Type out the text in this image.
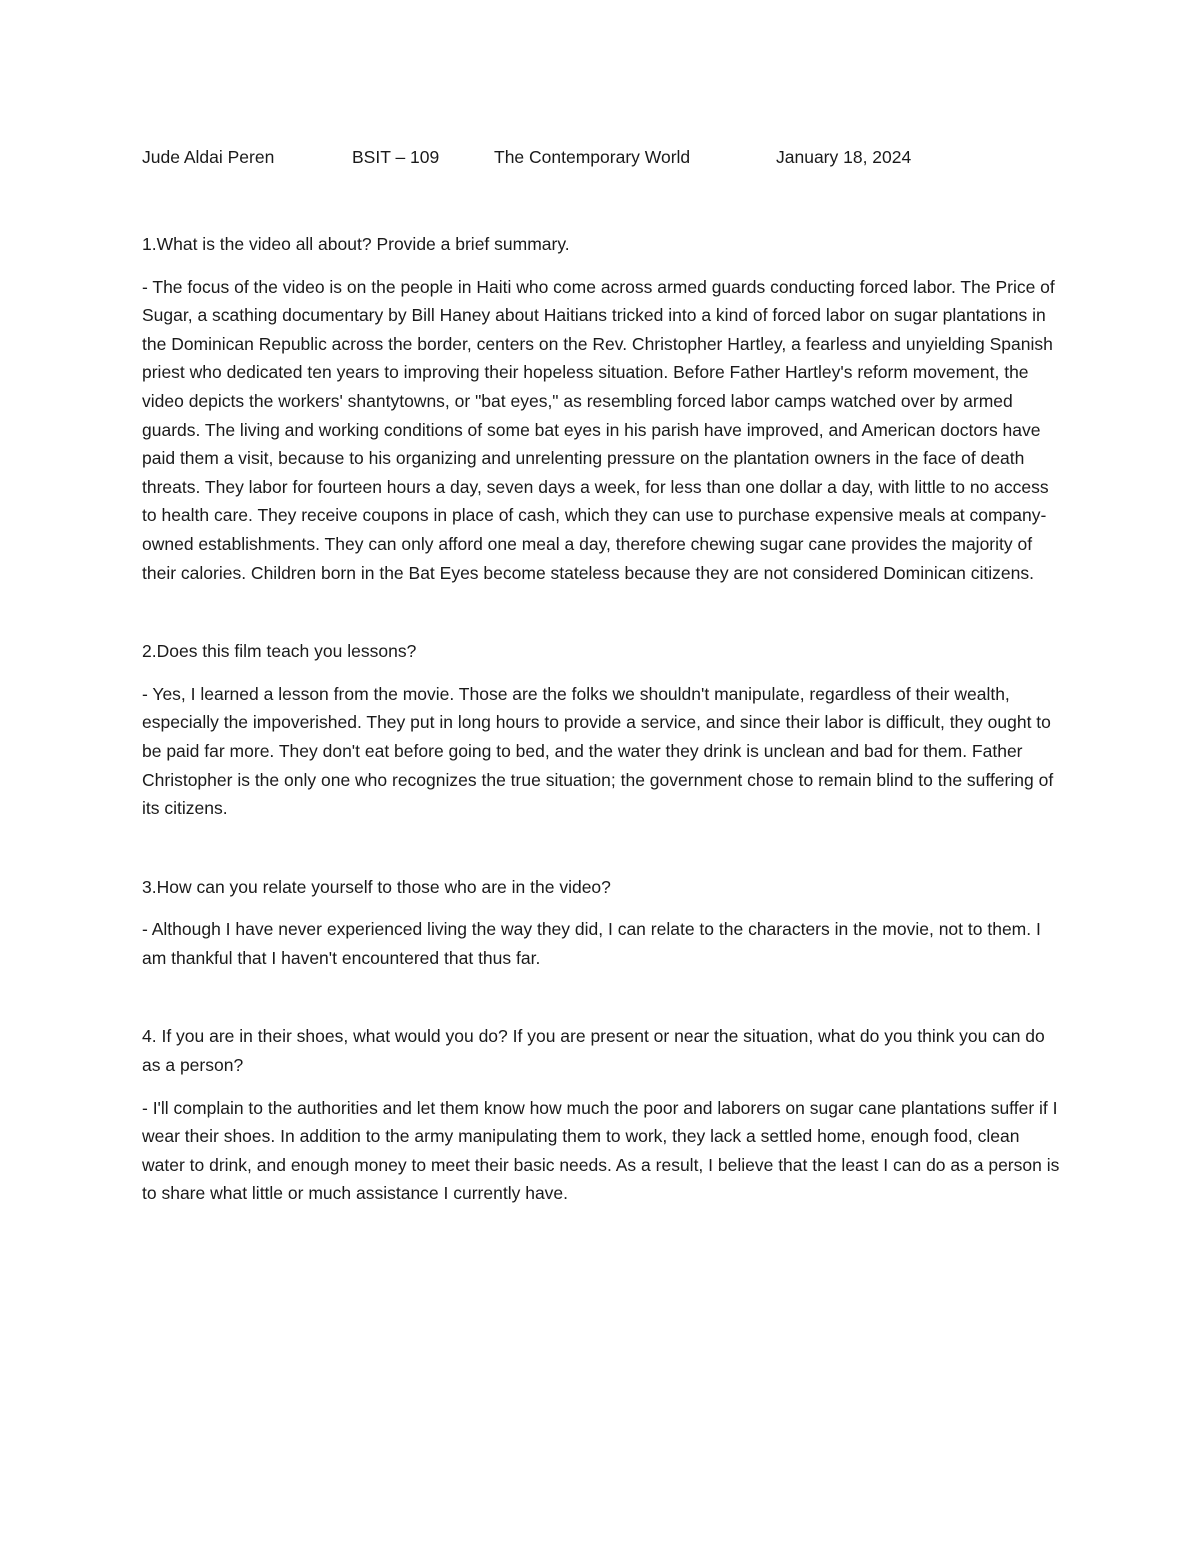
Jude Aldai Peren	BSIT – 109	The Contemporary World	January 18, 2024

1.What is the video all about? Provide a brief summary.

- The focus of the video is on the people in Haiti who come across armed guards conducting forced labor. The Price of Sugar, a scathing documentary by Bill Haney about Haitians tricked into a kind of forced labor on sugar plantations in the Dominican Republic across the border, centers on the Rev. Christopher Hartley, a fearless and unyielding Spanish priest who dedicated ten years to improving their hopeless situation. Before Father Hartley's reform movement, the video depicts the workers' shantytowns, or "bat eyes," as resembling forced labor camps watched over by armed guards. The living and working conditions of some bat eyes in his parish have improved, and American doctors have paid them a visit, because to his organizing and unrelenting pressure on the plantation owners in the face of death threats. They labor for fourteen hours a day, seven days a week, for less than one dollar a day, with little to no access to health care. They receive coupons in place of cash, which they can use to purchase expensive meals at company-owned establishments. They can only afford one meal a day, therefore chewing sugar cane provides the majority of their calories. Children born in the Bat Eyes become stateless because they are not considered Dominican citizens.

2.Does this film teach you lessons?

- Yes, I learned a lesson from the movie. Those are the folks we shouldn't manipulate, regardless of their wealth, especially the impoverished. They put in long hours to provide a service, and since their labor is difficult, they ought to be paid far more. They don't eat before going to bed, and the water they drink is unclean and bad for them. Father Christopher is the only one who recognizes the true situation; the government chose to remain blind to the suffering of its citizens.

3.How can you relate yourself to those who are in the video?

- Although I have never experienced living the way they did, I can relate to the characters in the movie, not to them. I am thankful that I haven't encountered that thus far.

4. If you are in their shoes, what would you do? If you are present or near the situation, what do you think you can do as a person?

- I'll complain to the authorities and let them know how much the poor and laborers on sugar cane plantations suffer if I wear their shoes. In addition to the army manipulating them to work, they lack a settled home, enough food, clean water to drink, and enough money to meet their basic needs. As a result, I believe that the least I can do as a person is to share what little or much assistance I currently have.
